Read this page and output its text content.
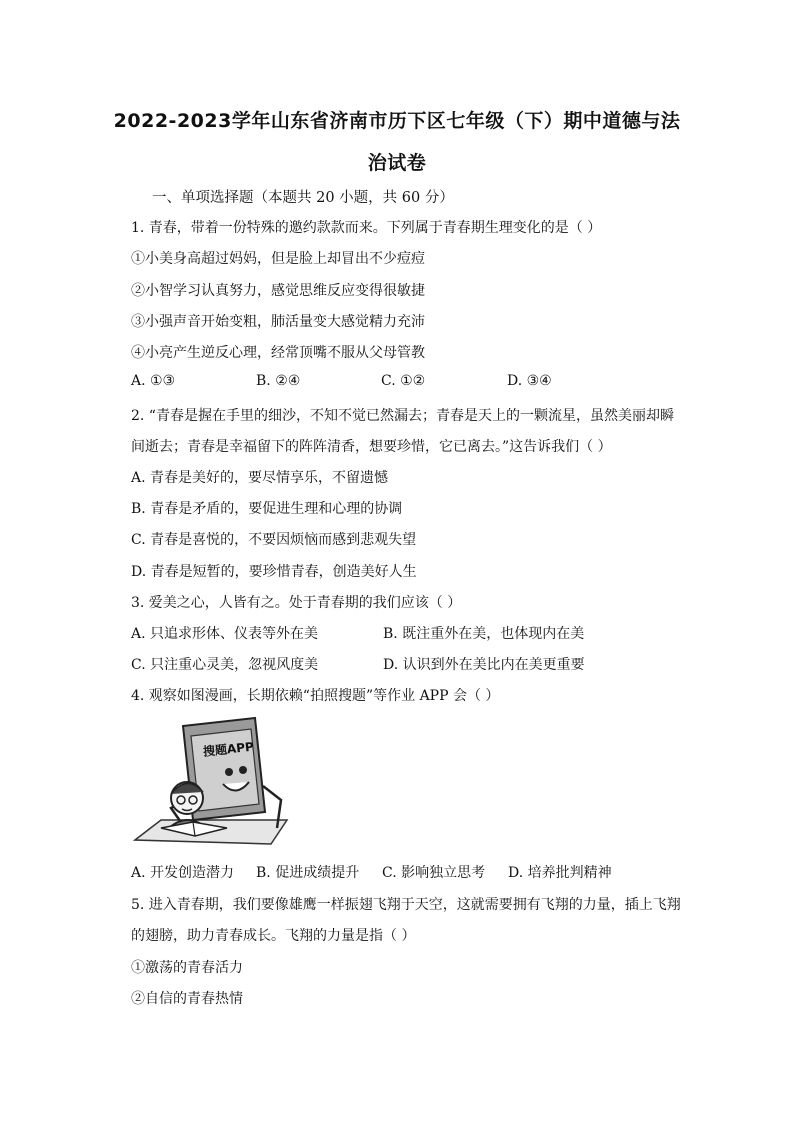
2022-2023学年山东省济南市历下区七年级（下）期中道德与法
治试卷
一、单项选择题（本题共 20 小题，共 60 分）
1. 青春，带着一份特殊的邀约款款而来。下列属于青春期生理变化的是（ ）
①小美身高超过妈妈，但是脸上却冒出不少痘痘
②小智学习认真努力，感觉思维反应变得很敏捷
③小强声音开始变粗，肺活量变大感觉精力充沛
④小亮产生逆反心理，经常顶嘴不服从父母管教
A. ①③	B. ②④	C. ①②	D. ③④
2. “青春是握在手里的细沙，不知不觉已然漏去；青春是天上的一颗流星，虽然美丽却瞬
间逝去；青春是幸福留下的阵阵清香，想要珍惜，它已离去。”这告诉我们（ ）
A. 青春是美好的，要尽情享乐，不留遗憾
B. 青春是矛盾的，要促进生理和心理的协调
C. 青春是喜悦的，不要因烦恼而感到悲观失望
D. 青春是短暂的，要珍惜青春，创造美好人生
3. 爱美之心，人皆有之。处于青春期的我们应该（ ）
A. 只追求形体、仪表等外在美	B. 既注重外在美，也体现内在美
C. 只注重心灵美，忽视风度美	D. 认识到外在美比内在美更重要
4. 观察如图漫画，长期依赖“拍照搜题”等作业 APP 会（ ）
搜题APP
A. 开发创造潜力 B. 促进成绩提升 C. 影响独立思考 D. 培养批判精神
5. 进入青春期，我们要像雄鹰一样振翅飞翔于天空，这就需要拥有飞翔的力量，插上飞翔
的翅膀，助力青春成长。飞翔的力量是指（ ）
①激荡的青春活力
②自信的青春热情
